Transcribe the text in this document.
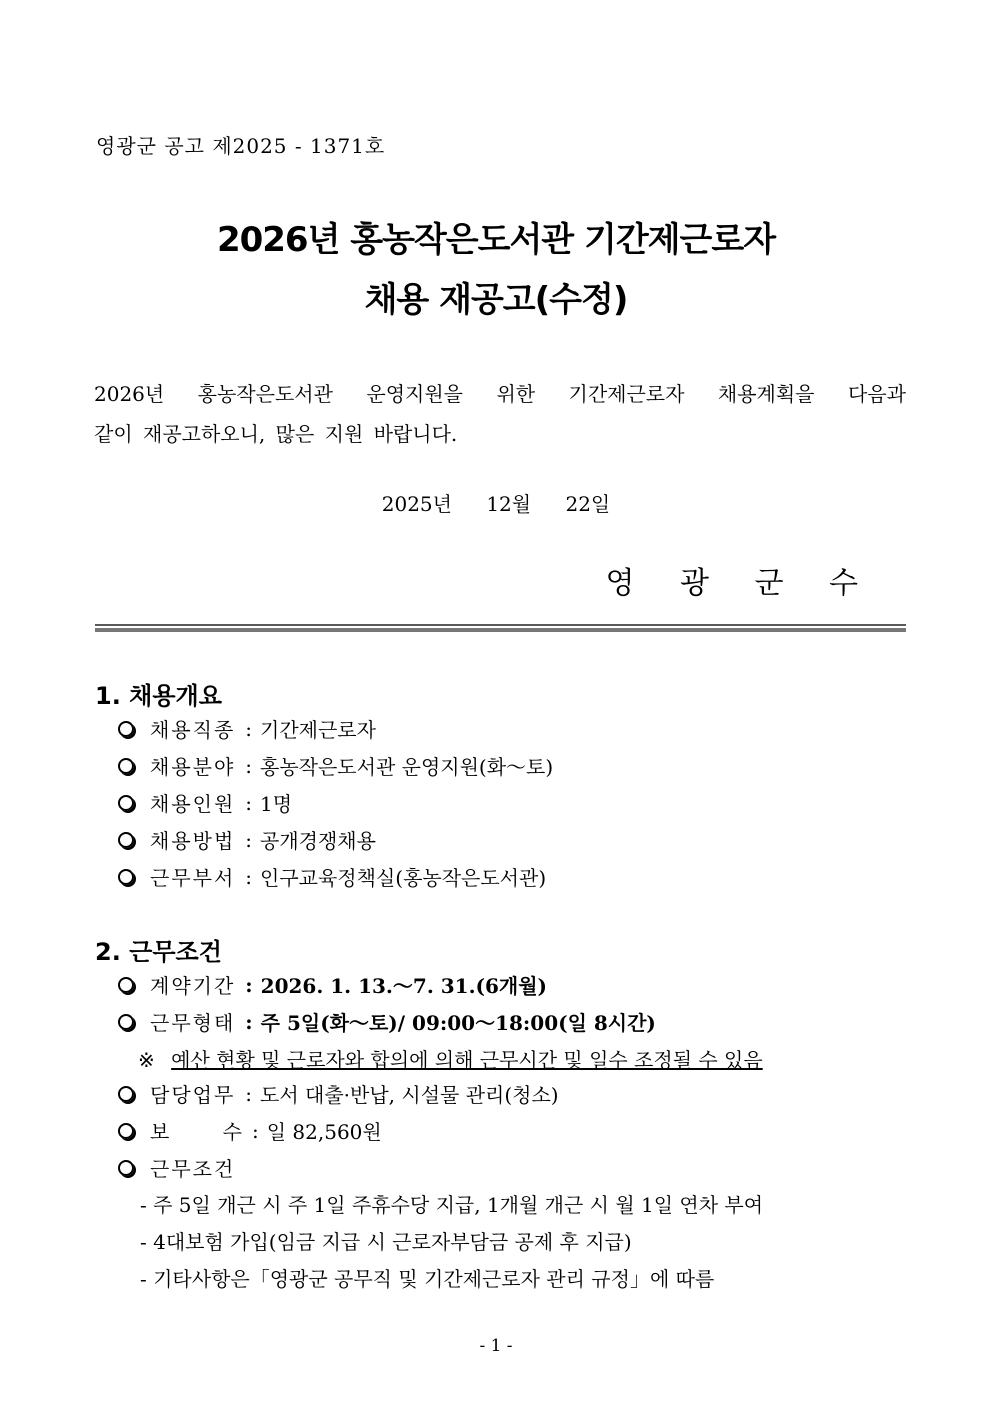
영광군 공고 제2025 - 1371호
2026년 홍농작은도서관 기간제근로자
채용 재공고(수정)
2026년 홍농작은도서관 운영지원을 위한 기간제근로자 채용계획을 다음과
같이 재공고하오니, 많은 지원 바랍니다.
2025년 12월 22일
영 광 군 수
1. 채용개요
채용직종 : 기간제근로자
채용분야 : 홍농작은도서관 운영지원(화～토)
채용인원 : 1명
채용방법 : 공개경쟁채용
근무부서 : 인구교육정책실(홍농작은도서관)
2. 근무조건
계약기간 : 2026. 1. 13.～7. 31.(6개월)
근무형태 : 주 5일(화～토)/ 09:00～18:00(일 8시간)
※ 예산 현황 및 근로자와 합의에 의해 근무시간 및 일수 조정될 수 있음
담당업무 : 도서 대출·반납, 시설물 관리(청소)
보	수 : 일 82,560원
근무조건
- 주 5일 개근 시 주 1일 주휴수당 지급, 1개월 개근 시 월 1일 연차 부여
- 4대보험 가입(임금 지급 시 근로자부담금 공제 후 지급)
- 기타사항은「영광군 공무직 및 기간제근로자 관리 규정」에 따름
- 1 -
